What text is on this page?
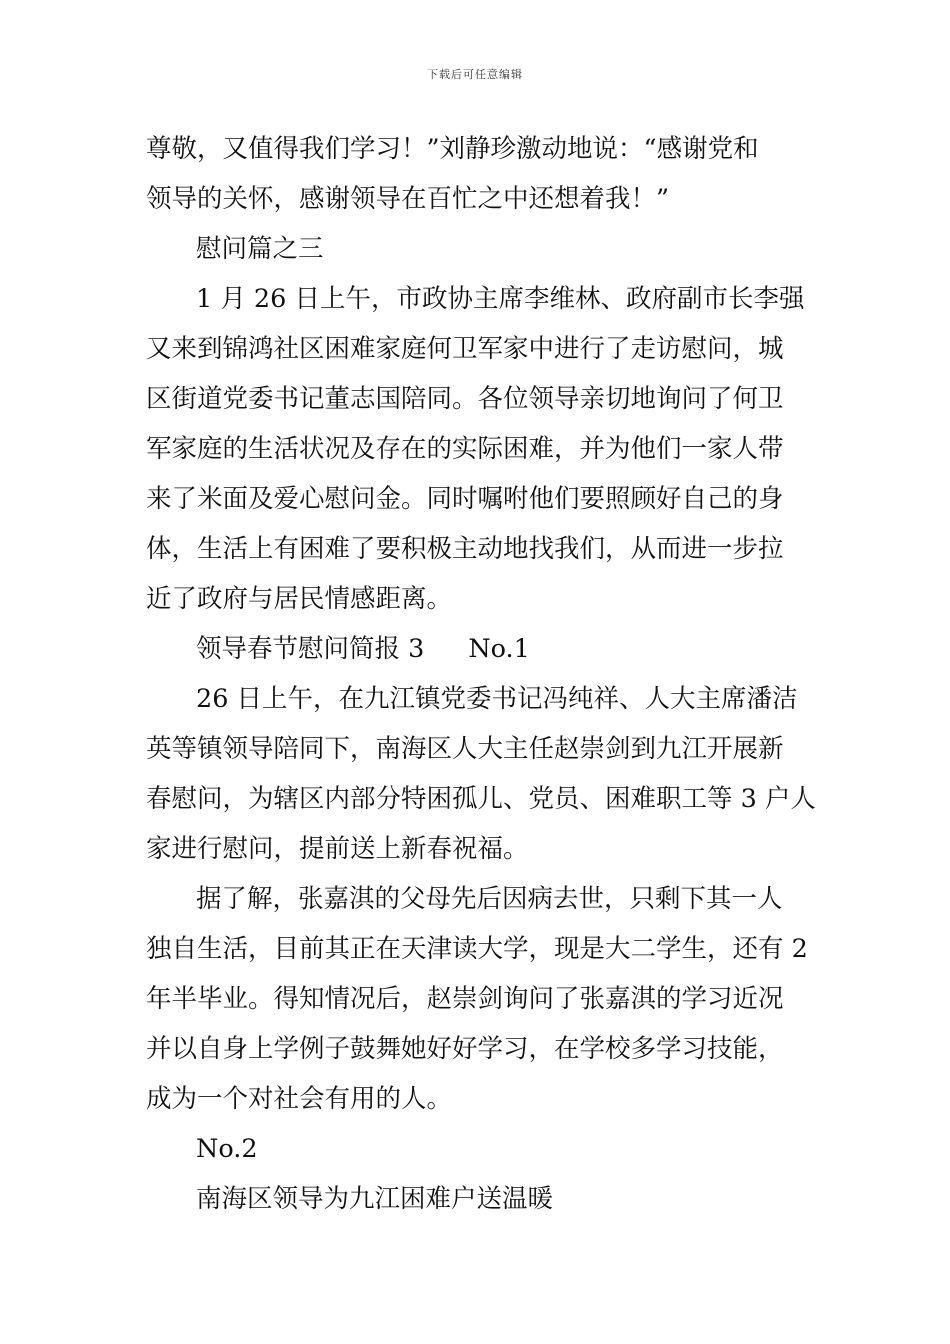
下载后可任意编辑
尊敬，又值得我们学习！”刘静珍激动地说：“感谢党和
领导的关怀，感谢领导在百忙之中还想着我！”
慰问篇之三
1 月 26 日上午，市政协主席李维林、政府副市长李强
又来到锦鸿社区困难家庭何卫军家中进行了走访慰问，城
区街道党委书记董志国陪同。各位领导亲切地询问了何卫
军家庭的生活状况及存在的实际困难，并为他们一家人带
来了米面及爱心慰问金。同时嘱咐他们要照顾好自己的身
体，生活上有困难了要积极主动地找我们，从而进一步拉
近了政府与居民情感距离。
领导春节慰问简报 3 No.1
26 日上午，在九江镇党委书记冯纯祥、人大主席潘洁
英等镇领导陪同下，南海区人大主任赵崇剑到九江开展新
春慰问，为辖区内部分特困孤儿、党员、困难职工等 3 户人
家进行慰问，提前送上新春祝福。
据了解，张嘉淇的父母先后因病去世，只剩下其一人
独自生活，目前其正在天津读大学，现是大二学生，还有 2
年半毕业。得知情况后，赵崇剑询问了张嘉淇的学习近况
并以自身上学例子鼓舞她好好学习，在学校多学习技能，
成为一个对社会有用的人。
No.2
南海区领导为九江困难户送温暖
